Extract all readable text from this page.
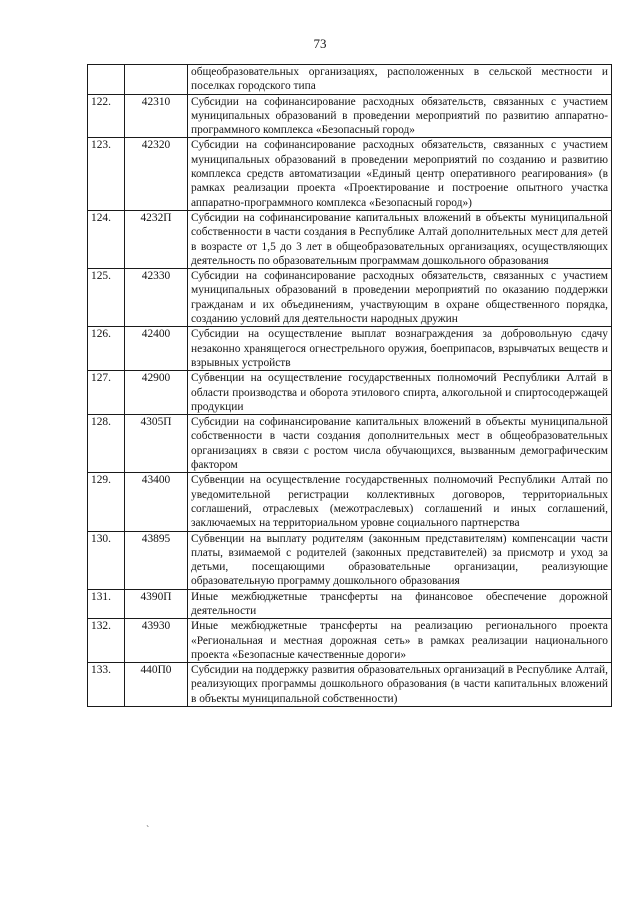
73
		общеобразовательных организациях, расположенных в сельской местности и поселках городского типа
122.	42310	Субсидии на софинансирование расходных обязательств, связанных с участием муниципальных образований в проведении мероприятий по развитию аппаратно-программного комплекса «Безопасный город»
123.	42320	Субсидии на софинансирование расходных обязательств, связанных с участием муниципальных образований в проведении мероприятий по созданию и развитию комплекса средств автоматизации «Единый центр оперативного реагирования» (в рамках реализации проекта «Проектирование и построение опытного участка аппаратно-программного комплекса «Безопасный город»)
124.	4232П	Субсидии на софинансирование капитальных вложений в объекты муниципальной собственности в части создания в Республике Алтай дополнительных мест для детей в возрасте от 1,5 до 3 лет в общеобразовательных организациях, осуществляющих деятельность по образовательным программам дошкольного образования
125.	42330	Субсидии на софинансирование расходных обязательств, связанных с участием муниципальных образований в проведении мероприятий по оказанию поддержки гражданам и их объединениям, участвующим в охране общественного порядка, созданию условий для деятельности народных дружин
126.	42400	Субсидии на осуществление выплат вознаграждения за добровольную сдачу незаконно хранящегося огнестрельного оружия, боеприпасов, взрывчатых веществ и взрывных устройств
127.	42900	Субвенции на осуществление государственных полномочий Республики Алтай в области производства и оборота этилового спирта, алкогольной и спиртосодержащей продукции
128.	4305П	Субсидии на софинансирование капитальных вложений в объекты муниципальной собственности в части создания дополнительных мест в общеобразовательных организациях в связи с ростом числа обучающихся, вызванным демографическим фактором
129.	43400	Субвенции на осуществление государственных полномочий Республики Алтай по уведомительной регистрации коллективных договоров, территориальных соглашений, отраслевых (межотраслевых) соглашений и иных соглашений, заключаемых на территориальном уровне социального партнерства
130.	43895	Субвенции на выплату родителям (законным представителям) компенсации части платы, взимаемой с родителей (законных представителей) за присмотр и уход за детьми, посещающими образовательные организации, реализующие образовательную программу дошкольного образования
131.	4390П	Иные межбюджетные трансферты на финансовое обеспечение дорожной деятельности
132.	43930	Иные межбюджетные трансферты на реализацию регионального проекта «Региональная и местная дорожная сеть» в рамках реализации национального проекта «Безопасные качественные дороги»
133.	440П0	Субсидии на поддержку развития образовательных организаций в Республике Алтай, реализующих программы дошкольного образования (в части капитальных вложений в объекты муниципальной собственности)
`
